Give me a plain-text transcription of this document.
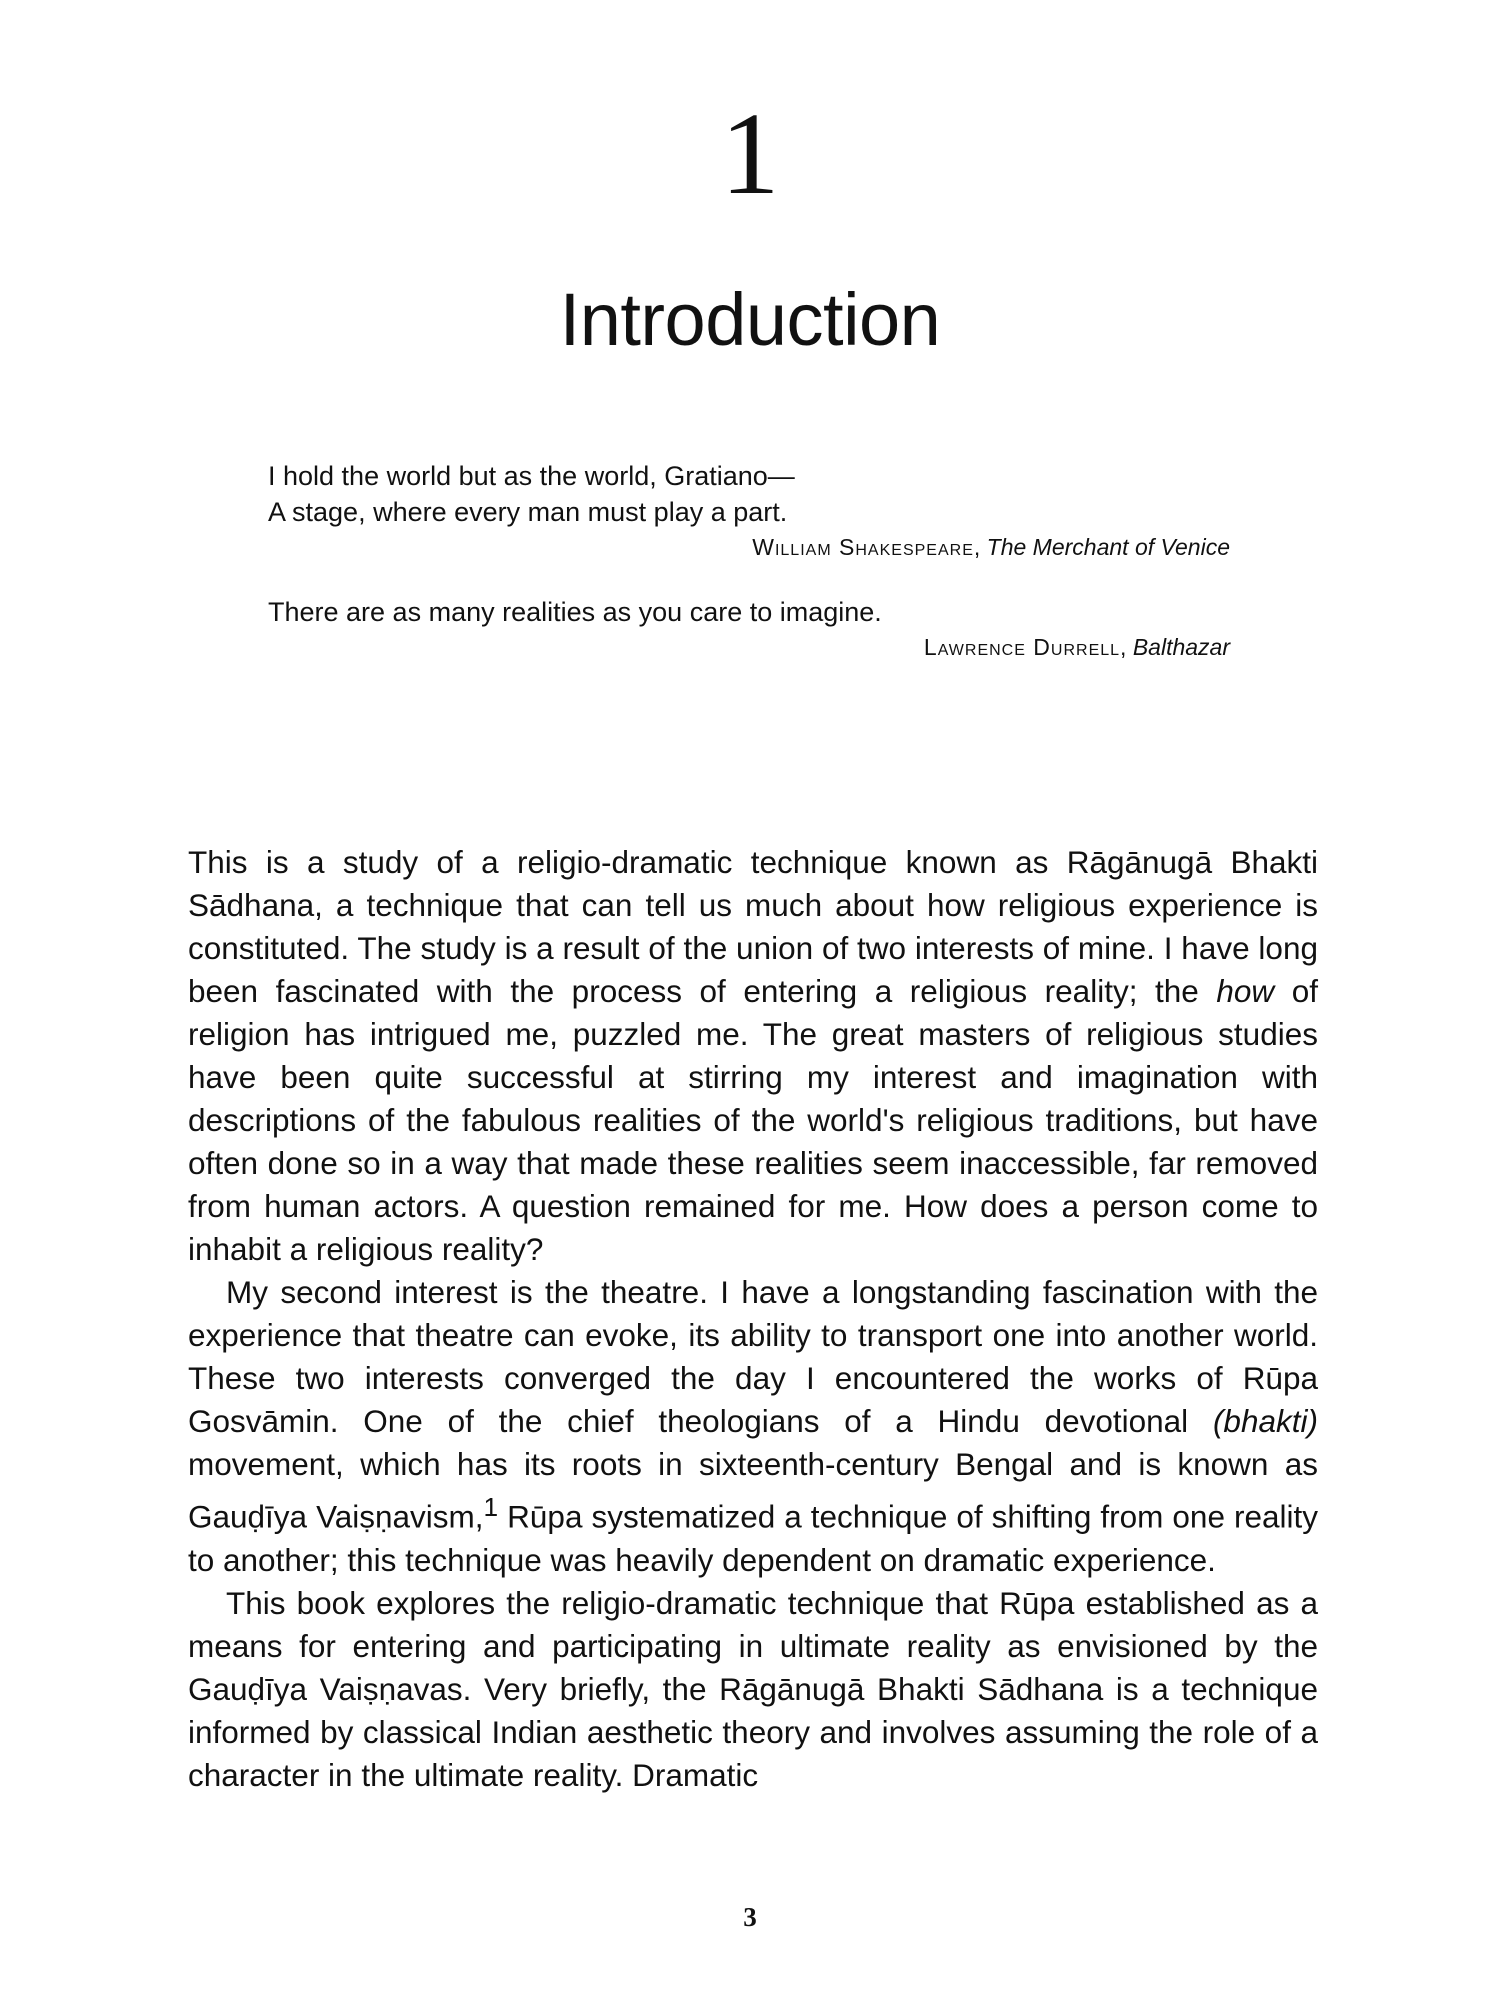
1
Introduction
I hold the world but as the world, Gratiano—
A stage, where every man must play a part.
William Shakespeare, The Merchant of Venice
There are as many realities as you care to imagine.
Lawrence Durrell, Balthazar

This is a study of a religio-dramatic technique known as Rāgānugā Bhakti Sādhana, a technique that can tell us much about how religious experience is constituted. The study is a result of the union of two interests of mine. I have long been fascinated with the process of entering a religious reality; the how of religion has intrigued me, puzzled me. The great masters of religious studies have been quite successful at stirring my interest and imagination with descriptions of the fabulous realities of the world's religious traditions, but have often done so in a way that made these realities seem inaccessible, far removed from human actors. A question remained for me. How does a person come to inhabit a religious reality?

My second interest is the theatre. I have a longstanding fascination with the experience that theatre can evoke, its ability to transport one into another world. These two interests converged the day I encountered the works of Rūpa Gosvāmin. One of the chief theologians of a Hindu devotional (bhakti) movement, which has its roots in sixteenth-century Bengal and is known as Gauḍīya Vaiṣṇavism,$^1$ Rūpa systematized a technique of shifting from one reality to another; this technique was heavily dependent on dramatic experience.

This book explores the religio-dramatic technique that Rūpa established as a means for entering and participating in ultimate reality as envisioned by the Gauḍīya Vaiṣṇavas. Very briefly, the Rāgānugā Bhakti Sādhana is a technique informed by classical Indian aesthetic theory and involves assuming the role of a character in the ultimate reality. Dramatic

3
